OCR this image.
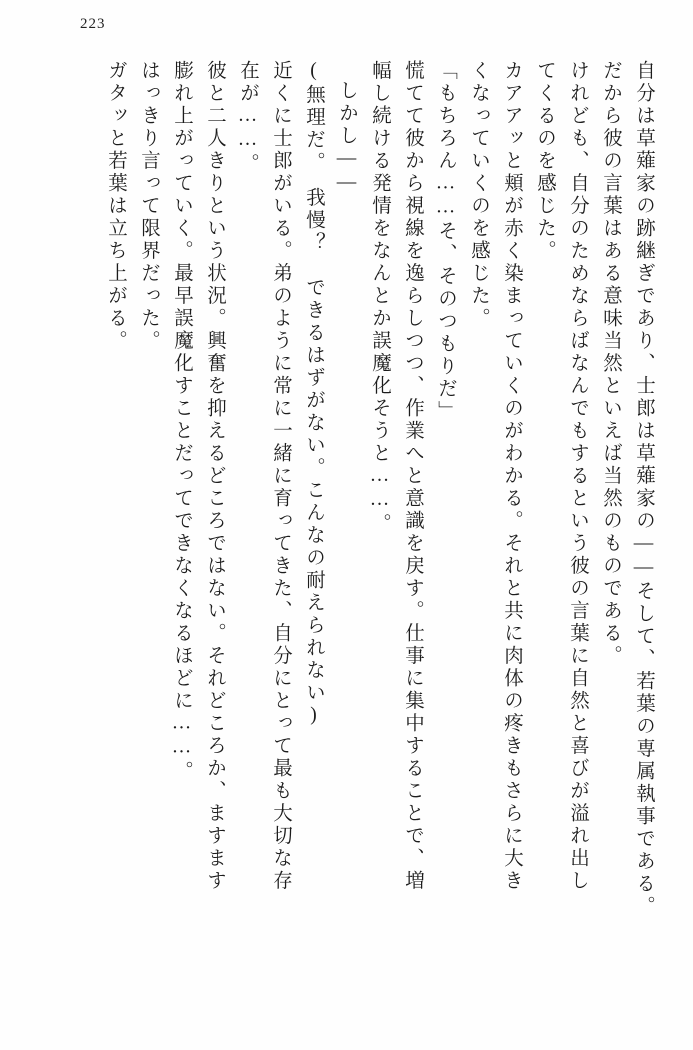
223
自分は草薙家の跡継ぎであり、士郎は草薙家の――そして、若葉の専属執事である。
だから彼の言葉はある意味当然といえば当然のものである。
けれども、自分のためならばなんでもするという彼の言葉に自然と喜びが溢れ出し
てくるのを感じた。
カアアッと頬が赤く染まっていくのがわかる。それと共に肉体の疼きもさらに大き
くなっていくのを感じた。
「もちろん……そ、そのつもりだ」
慌てて彼から視線を逸らしつつ、作業へと意識を戻す。仕事に集中することで、増
幅し続ける発情をなんとか誤魔化そうと……。
しかし――
(無理だ。　我慢？　できるはずがない。こんなの耐えられない)
近くに士郎がいる。弟のように常に一緒に育ってきた、自分にとって最も大切な存
在が……。
彼と二人きりという状況。興奮を抑えるどころではない。それどころか、ますます
膨れ上がっていく。最早誤魔化すことだってできなくなるほどに……。
はっきり言って限界だった。
ガタッと若葉は立ち上がる。
